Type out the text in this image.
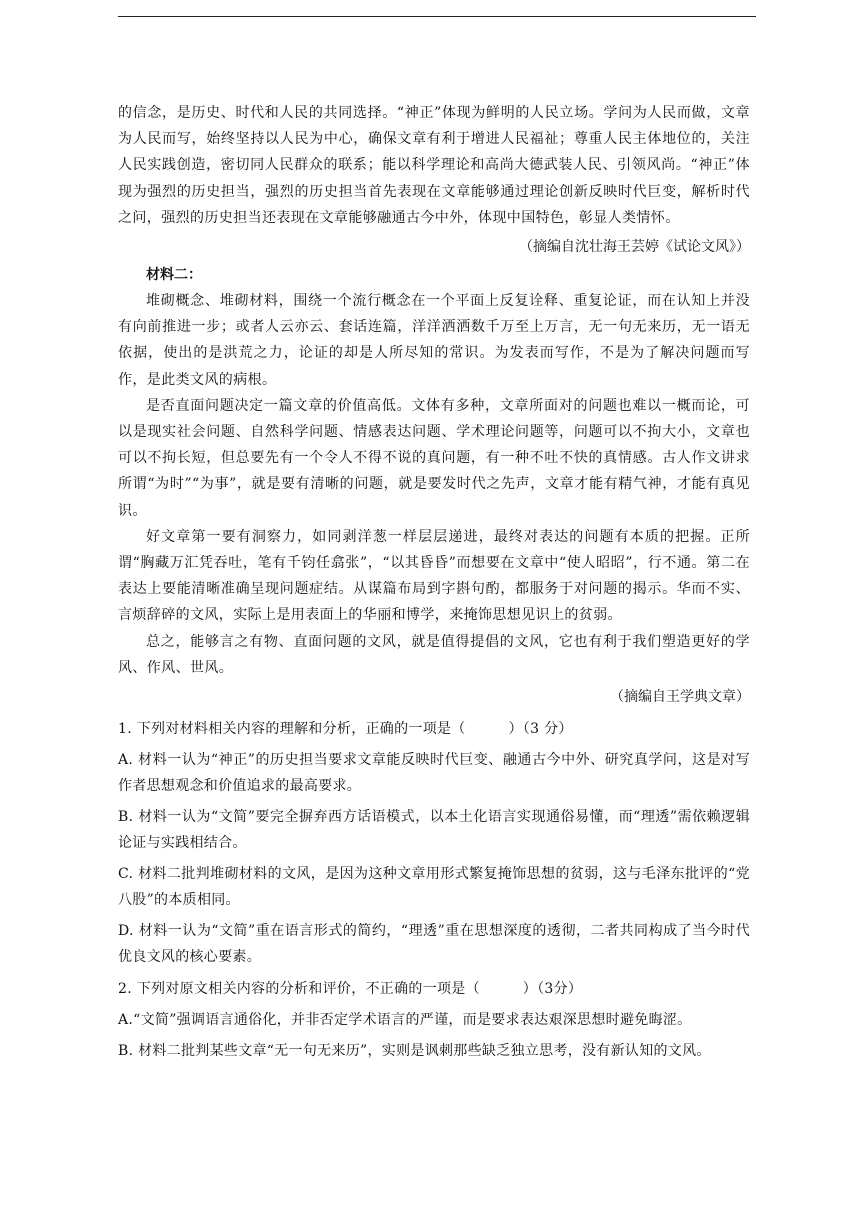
的信念，是历史、时代和人民的共同选择。“神正”体现为鲜明的人民立场。学问为人民而做，文章为人民而写，始终坚持以人民为中心，确保文章有利于增进人民福祉；尊重人民主体地位的，关注人民实践创造，密切同人民群众的联系；能以科学理论和高尚大德武装人民、引领风尚。“神正”体现为强烈的历史担当，强烈的历史担当首先表现在文章能够通过理论创新反映时代巨变，解析时代之问，强烈的历史担当还表现在文章能够融通古今中外，体现中国特色，彰显人类情怀。

（摘编自沈壮海王芸婷《试论文风》）

材料二：

堆砌概念、堆砌材料，围绕一个流行概念在一个平面上反复诠释、重复论证，而在认知上并没有向前推进一步；或者人云亦云、套话连篇，洋洋洒洒数千万至上万言，无一句无来历，无一语无依据，使出的是洪荒之力，论证的却是人所尽知的常识。为发表而写作，不是为了解决问题而写作，是此类文风的病根。

是否直面问题决定一篇文章的价值高低。文体有多种，文章所面对的问题也难以一概而论，可以是现实社会问题、自然科学问题、情感表达问题、学术理论问题等，问题可以不拘大小，文章也可以不拘长短，但总要先有一个令人不得不说的真问题，有一种不吐不快的真情感。古人作文讲求所谓“为时”“为事”，就是要有清晰的问题，就是要发时代之先声，文章才能有精气神，才能有真见识。

好文章第一要有洞察力，如同剥洋葱一样层层递进，最终对表达的问题有本质的把握。正所谓“胸藏万汇凭吞吐，笔有千钧任翕张”，“以其昏昏”而想要在文章中“使人昭昭”，行不通。第二在表达上要能清晰准确呈现问题症结。从谋篇布局到字斟句酌，都服务于对问题的揭示。华而不实、言烦辞碎的文风，实际上是用表面上的华丽和博学，来掩饰思想见识上的贫弱。

总之，能够言之有物、直面问题的文风，就是值得提倡的文风，它也有利于我们塑造更好的学风、作风、世风。

（摘编自王学典文章）

1. 下列对材料相关内容的理解和分析，正确的一项是（　　　）（3 分）

A. 材料一认为“神正”的历史担当要求文章能反映时代巨变、融通古今中外、研究真学问，这是对写作者思想观念和价值追求的最高要求。

B. 材料一认为“文简”要完全摒弃西方话语模式，以本土化语言实现通俗易懂，而“理透”需依赖逻辑论证与实践相结合。

C. 材料二批判堆砌材料的文风，是因为这种文章用形式繁复掩饰思想的贫弱，这与毛泽东批评的“党八股”的本质相同。

D. 材料一认为“文简”重在语言形式的简约，“理透”重在思想深度的透彻，二者共同构成了当今时代优良文风的核心要素。

2. 下列对原文相关内容的分析和评价，不正确的一项是（　　　）（3分）

A.“文简”强调语言通俗化，并非否定学术语言的严谨，而是要求表达艰深思想时避免晦涩。

B. 材料二批判某些文章“无一句无来历”，实则是讽刺那些缺乏独立思考，没有新认知的文风。
